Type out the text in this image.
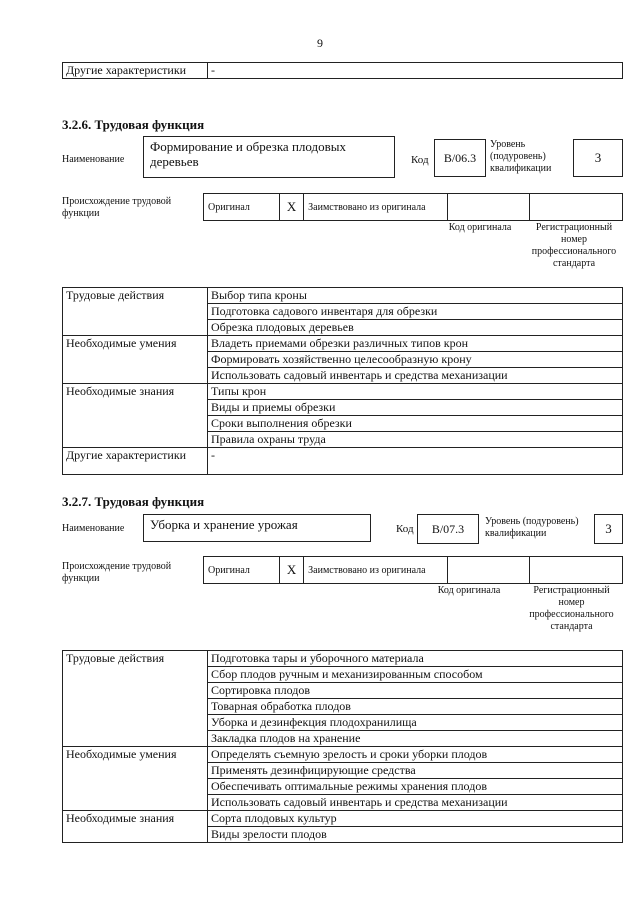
9
Другие характеристики	-
3.2.6. Трудовая функция
Наименование
Формирование и обрезка плодовых деревьев	Код	B/06.3
Уровень (подуровень) квалификации
3
Происхождение трудовой функции
Оригинал	X	Заимствовано из оригинала		
Код оригинала	Регистрационный номер профессионального стандарта
Трудовые действия	Выбор типа кроны
	Подготовка садового инвентаря для обрезки
	Обрезка плодовых деревьев
Необходимые умения	Владеть приемами обрезки различных типов крон
	Формировать хозяйственно целесообразную крону
	Использовать садовый инвентарь и средства механизации
Необходимые знания	Типы крон
	Виды и приемы обрезки
	Сроки выполнения обрезки
	Правила охраны труда
Другие характеристики	-
3.2.7. Трудовая функция
Наименование	Уборка и хранение урожая	Код	B/07.3
Уровень (подуровень) квалификации	3
Происхождение трудовой функции
Оригинал	X	Заимствовано из оригинала		
Код оригинала	Регистрационный номер профессионального стандарта
Трудовые действия	Подготовка тары и уборочного материала
	Сбор плодов ручным и механизированным способом
	Сортировка плодов
	Товарная обработка плодов
	Уборка и дезинфекция плодохранилища
	Закладка плодов на хранение
Необходимые умения	Определять съемную зрелость и сроки уборки плодов
	Применять дезинфицирующие средства
	Обеспечивать оптимальные режимы хранения плодов
	Использовать садовый инвентарь и средства механизации
Необходимые знания	Сорта плодовых культур
	Виды зрелости плодов
